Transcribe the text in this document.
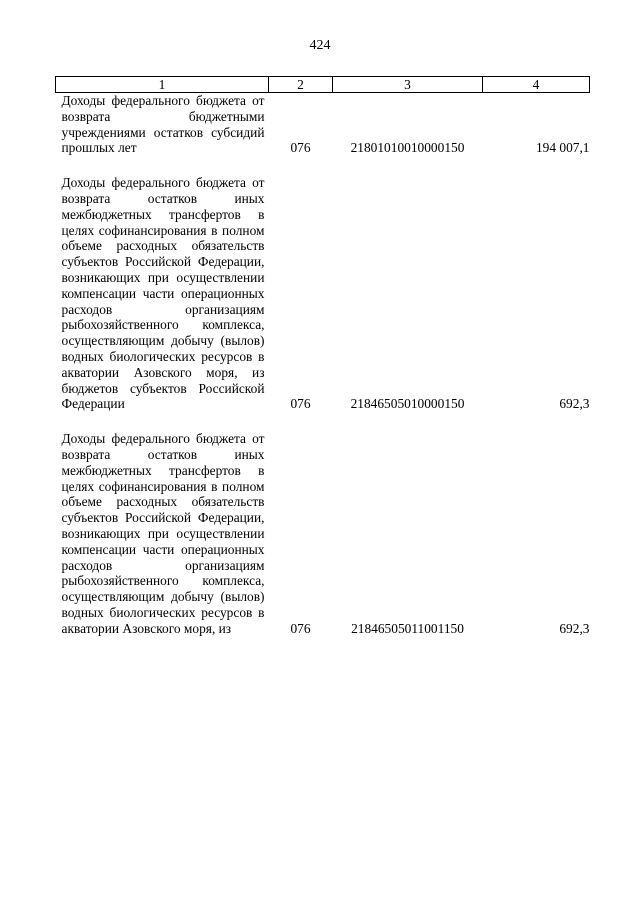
424
1	2	3	4

Доходы федерального бюджета от возврата бюджетными учреждениями остатков субсидий прошлых лет	076	21801010010000150	194 007,1

Доходы федерального бюджета от возврата остатков иных межбюджетных трансфертов в целях софинансирования в полном объеме расходных обязательств субъектов Российской Федерации, возникающих при осуществлении компенсации части операционных расходов организациям рыбохозяйственного комплекса, осуществляющим добычу (вылов) водных биологических ресурсов в акватории Азовского моря, из бюджетов субъектов Российской Федерации	076	21846505010000150	692,3

Доходы федерального бюджета от возврата остатков иных межбюджетных трансфертов в целях софинансирования в полном объеме расходных обязательств субъектов Российской Федерации, возникающих при осуществлении компенсации части операционных расходов организациям рыбохозяйственного комплекса, осуществляющим добычу (вылов) водных биологических ресурсов в акватории Азовского моря, из	076	21846505011001150	692,3
